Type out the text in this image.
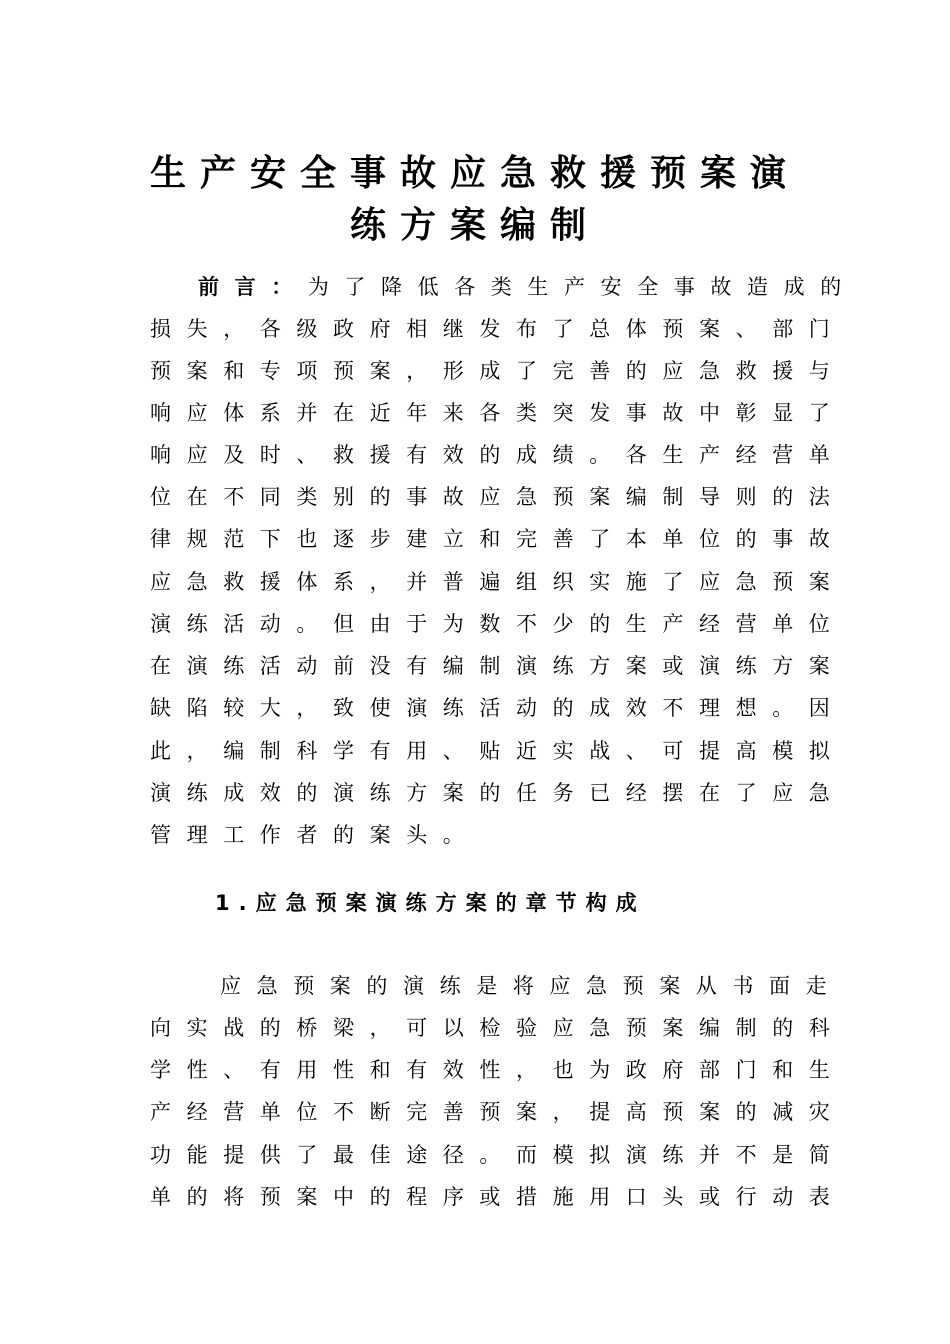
生产安全事故应急救援预案演
练方案编制
前言：为了降低各类生产安全事故造成的
损失，各级政府相继发布了总体预案、部门
预案和专项预案，形成了完善的应急救援与
响应体系并在近年来各类突发事故中彰显了
响应及时、救援有效的成绩。各生产经营单
位在不同类别的事故应急预案编制导则的法
律规范下也逐步建立和完善了本单位的事故
应急救援体系，并普遍组织实施了应急预案
演练活动。但由于为数不少的生产经营单位
在演练活动前没有编制演练方案或演练方案
缺陷较大，致使演练活动的成效不理想。因
此，编制科学有用、贴近实战、可提高模拟
演练成效的演练方案的任务已经摆在了应急
管理工作者的案头。
1.应急预案演练方案的章节构成
应急预案的演练是将应急预案从书面走
向实战的桥梁，可以检验应急预案编制的科
学性、有用性和有效性，也为政府部门和生
产经营单位不断完善预案，提高预案的减灾
功能提供了最佳途径。而模拟演练并不是简
单的将预案中的程序或措施用口头或行动表
